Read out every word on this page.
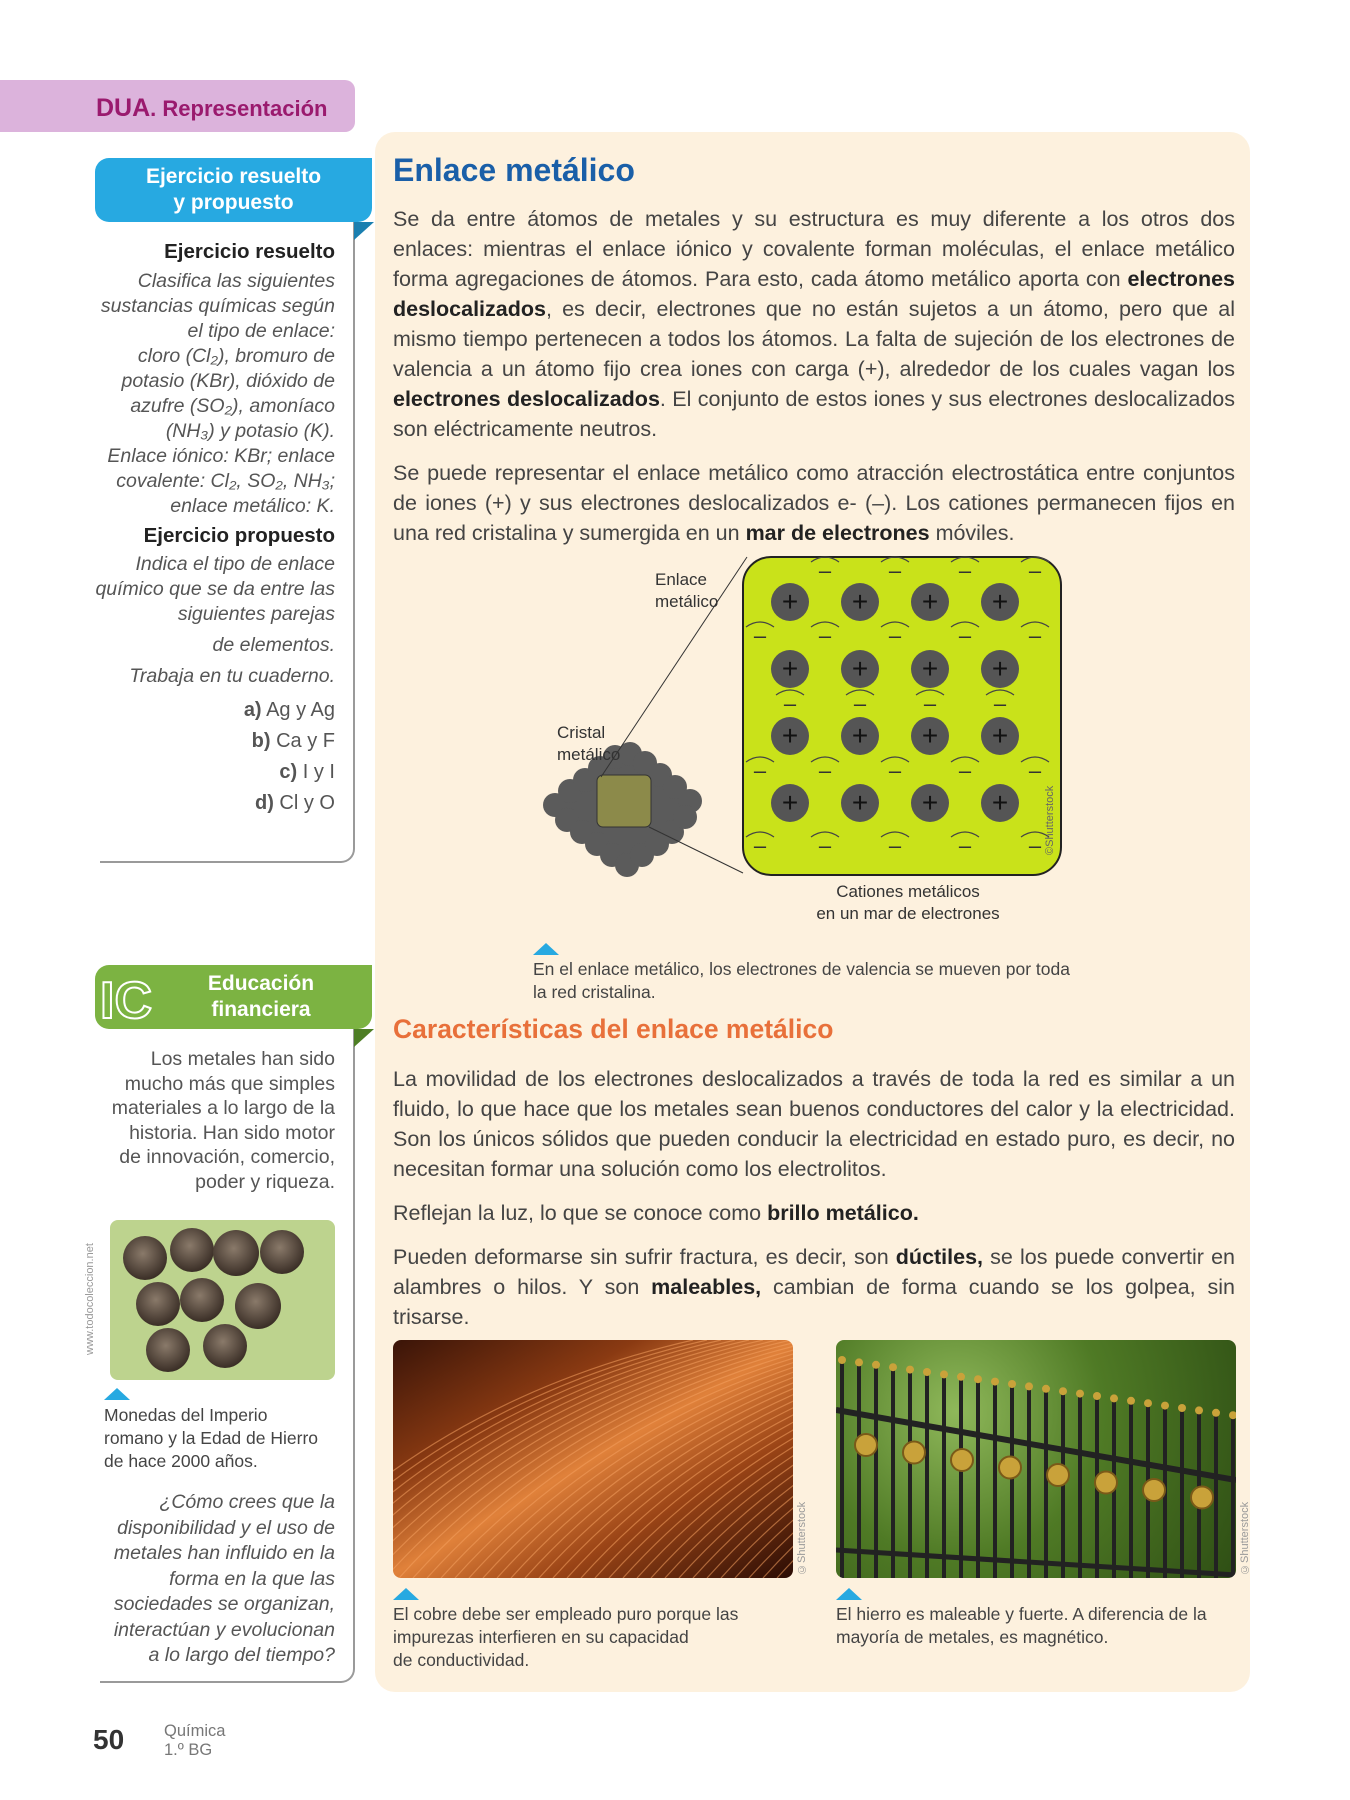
DUA. Representación
Ejercicio resuelto
y propuesto
Ejercicio resuelto
Clasifica las siguientes
sustancias químicas según
el tipo de enlace:
cloro (Cl₂), bromuro de
potasio (KBr), dióxido de
azufre (SO₂), amoníaco
(NH₃) y potasio (K).
Enlace iónico: KBr; enlace
covalente: Cl₂, SO₂, NH₃;
enlace metálico: K.
Ejercicio propuesto
Indica el tipo de enlace
químico que se da entre las
siguientes parejas
de elementos.
Trabaja en tu cuaderno.
a) Ag y Ag
b) Ca y F
c) I y I
d) Cl y O
Educación
financiera
IC
Los metales han sido
mucho más que simples
materiales a lo largo de la
historia. Han sido motor
de innovación, comercio,
poder y riqueza.
www.todocoleccion.net
Monedas del Imperio
romano y la Edad de Hierro
de hace 2000 años.
¿Cómo crees que la
disponibilidad y el uso de
metales han influido en la
forma en la que las
sociedades se organizan,
interactúan y evolucionan
a lo largo del tiempo?
Enlace metálico

Se da entre átomos de metales y su estructura es muy diferente a los otros dos enlaces: mientras el enlace iónico y covalente forman moléculas, el enlace metálico forma agregaciones de átomos. Para esto, cada átomo metálico aporta con electrones deslocalizados, es decir, electrones que no están sujetos a un átomo, pero que al mismo tiempo pertenecen a todos los átomos. La falta de sujeción de los electrones de valencia a un átomo fijo crea iones con carga (+), alrededor de los cuales vagan los electrones deslocalizados. El conjunto de estos iones y sus electrones deslocalizados son eléctricamente neutros.

Se puede representar el enlace metálico como atracción electrostática entre conjuntos de iones (+) y sus electrones deslocalizados e- (–). Los cationes permanecen fijos en una red cristalina y sumergida en un mar de electrones móviles.

–	–	–	–
– –	–	–	–
–	–	–	–
– –	–	–	–
–	–	–	–
–
+ + + +
+ + + +
+ + + +
+ + + +
Enlace
metálico
Cristal
metálico
Cationes metálicos
en un mar de electrones
©Shutterstock
En el enlace metálico, los electrones de valencia se mueven por toda
la red cristalina.
Características del enlace metálico

La movilidad de los electrones deslocalizados a través de toda la red es similar a un fluido, lo que hace que los metales sean buenos conductores del calor y la electricidad. Son los únicos sólidos que pueden conducir la electricidad en estado puro, es decir, no necesitan formar una solución como los electrolitos.

Reflejan la luz, lo que se conoce como brillo metálico.

Pueden deformarse sin sufrir fractura, es decir, son dúctiles, se los puede convertir en alambres o hilos. Y son maleables, cambian de forma cuando se los golpea, sin trisarse.

©Shutterstock
El cobre debe ser empleado puro porque las
impurezas interfieren en su capacidad
de conductividad.
©Shutterstock
El hierro es maleable y fuerte. A diferencia de la
mayoría de metales, es magnético.
50 Química
1.º BG
